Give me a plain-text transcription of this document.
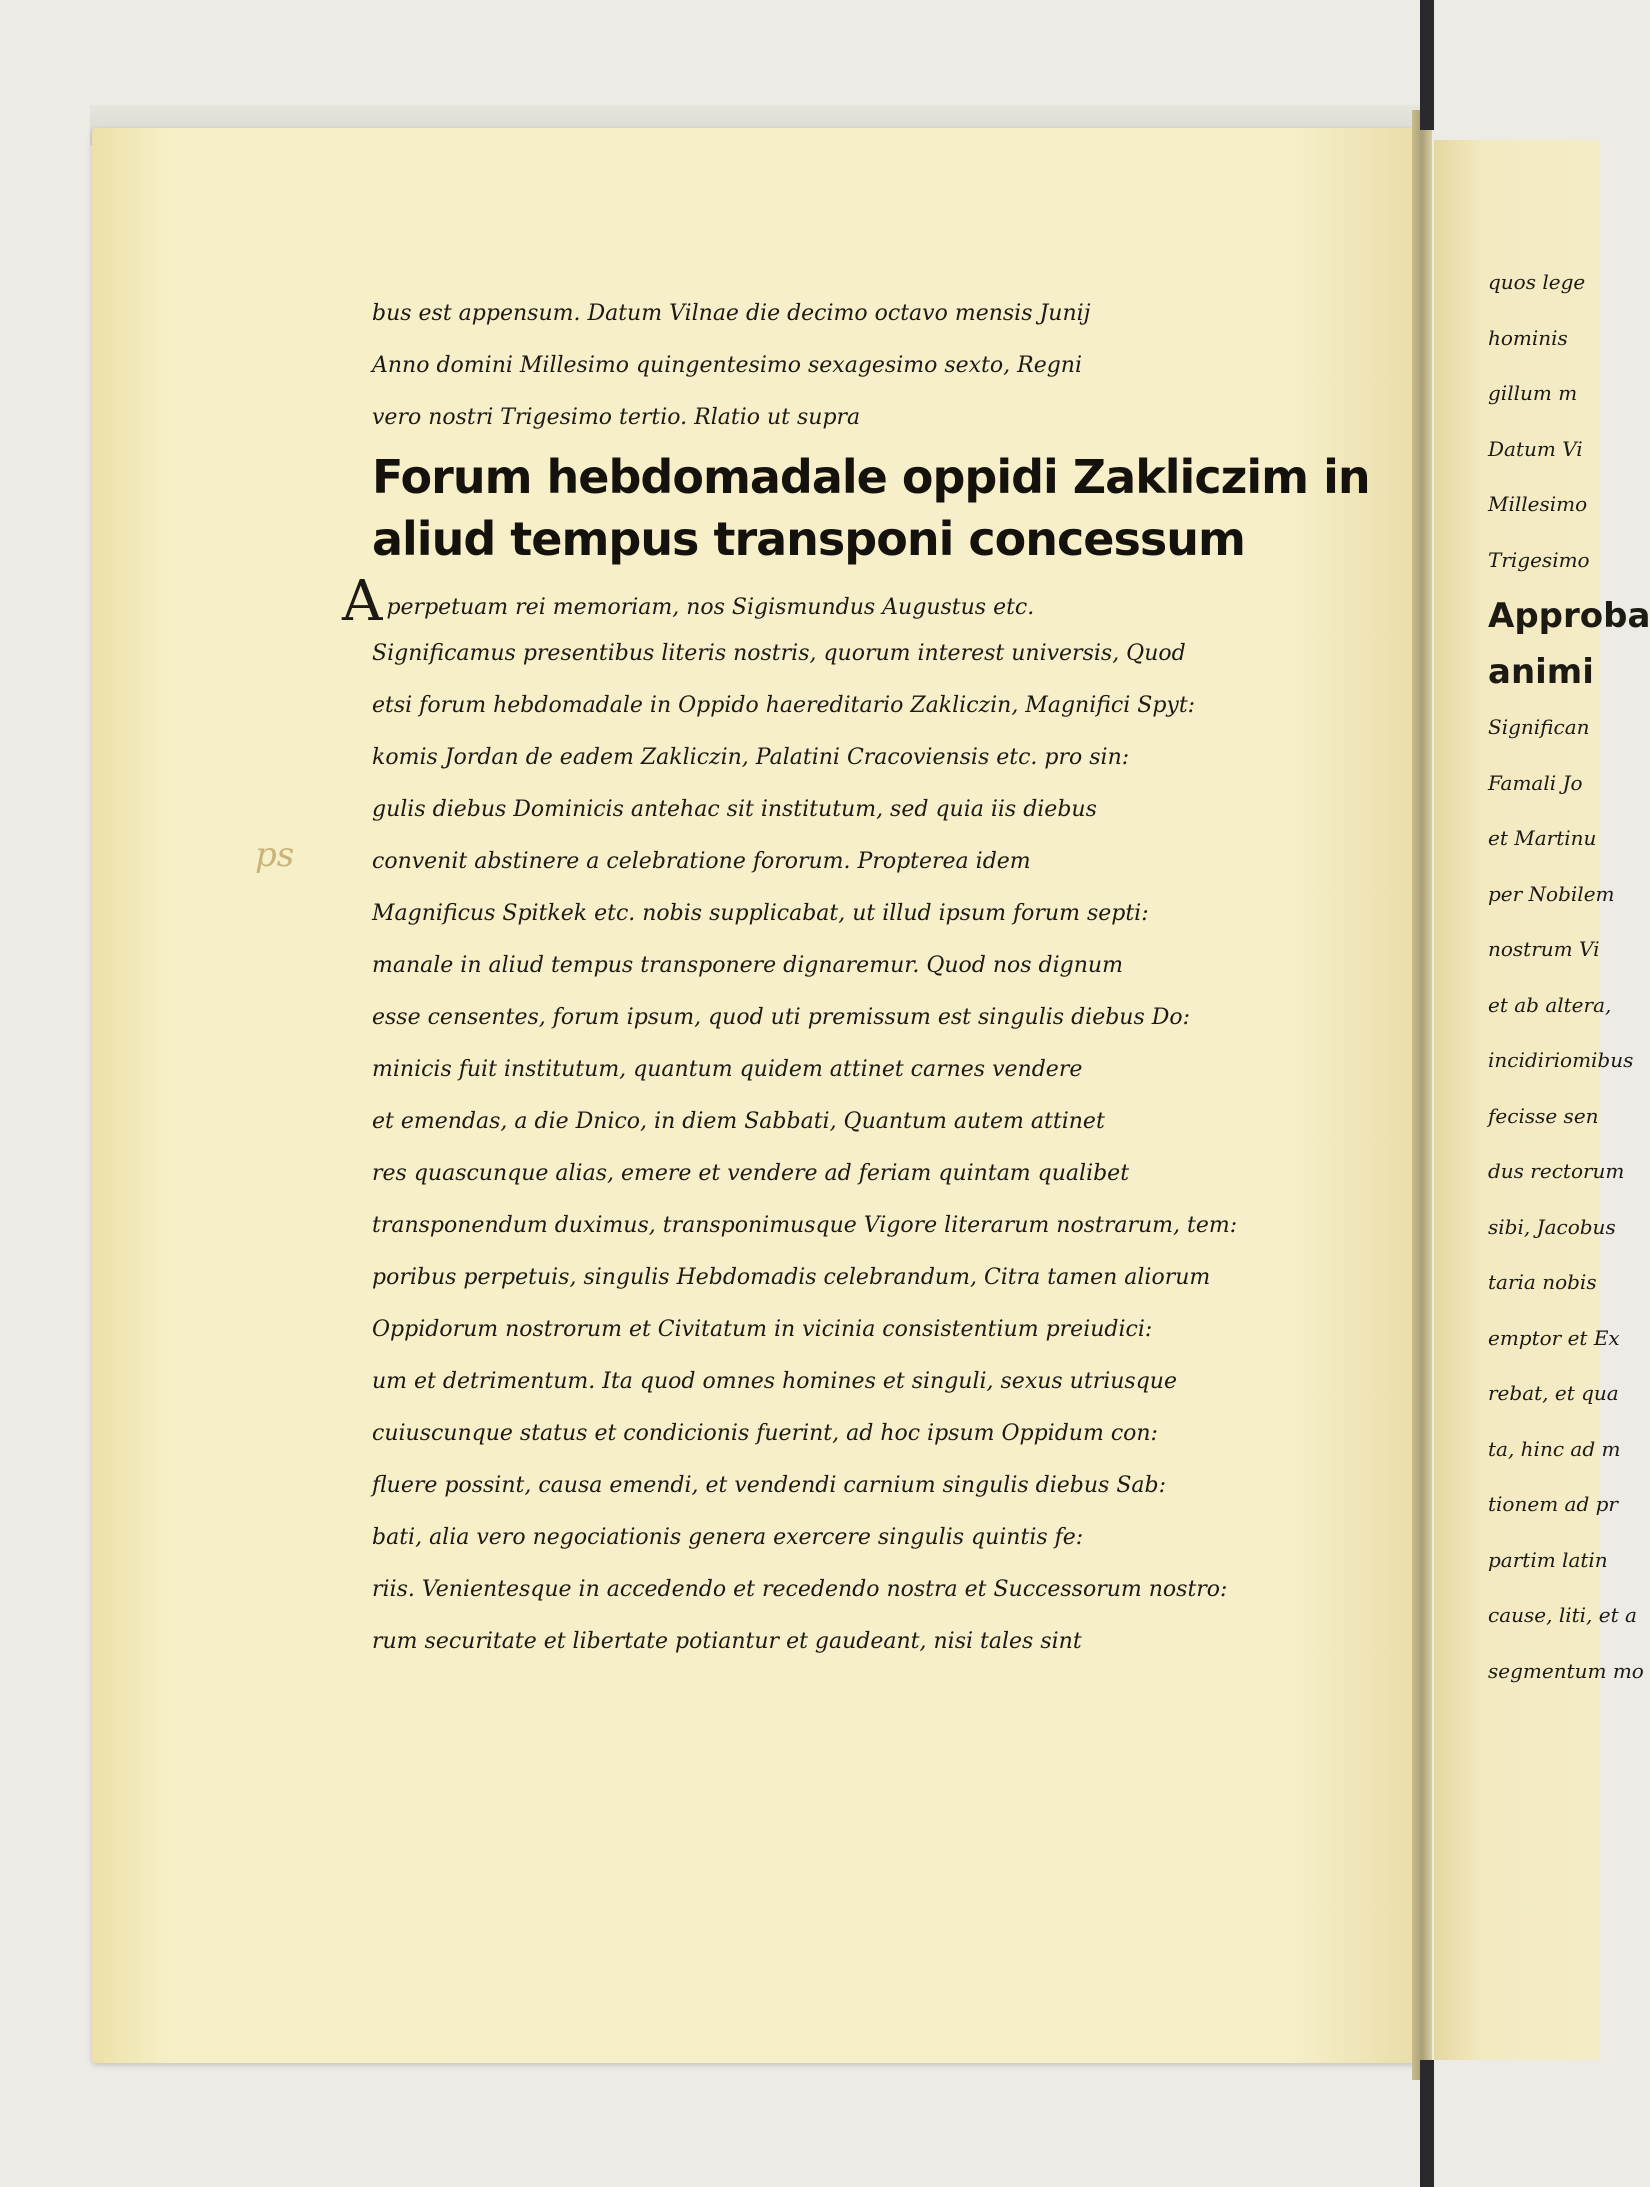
ps
bus est appensum. Datum Vilnae die decimo octavo mensis Junij
Anno domini Millesimo quingentesimo sexagesimo sexto, Regni
vero nostri Trigesimo tertio. Rlatio ut supra
Forum hebdomadale oppidi Zakliczim in
aliud tempus transponi concessum
Aperpetuam rei memoriam, nos Sigismundus Augustus etc.
Significamus presentibus literis nostris, quorum interest universis, Quod
etsi forum hebdomadale in Oppido haereditario Zakliczin, Magnifici Spyt:
komis Jordan de eadem Zakliczin, Palatini Cracoviensis etc. pro sin:
gulis diebus Dominicis antehac sit institutum, sed quia iis diebus
convenit abstinere a celebratione fororum. Propterea idem
Magnificus Spitkek etc. nobis supplicabat, ut illud ipsum forum septi:
manale in aliud tempus transponere dignaremur. Quod nos dignum
esse censentes, forum ipsum, quod uti premissum est singulis diebus Do:
minicis fuit institutum, quantum quidem attinet carnes vendere
et emendas, a die Dnico, in diem Sabbati, Quantum autem attinet
res quascunque alias, emere et vendere ad feriam quintam qualibet
transponendum duximus, transponimusque Vigore literarum nostrarum, tem:
poribus perpetuis, singulis Hebdomadis celebrandum, Citra tamen aliorum
Oppidorum nostrorum et Civitatum in vicinia consistentium preiudici:
um et detrimentum. Ita quod omnes homines et singuli, sexus utriusque
cuiuscunque status et condicionis fuerint, ad hoc ipsum Oppidum con:
fluere possint, causa emendi, et vendendi carnium singulis diebus Sab:
bati, alia vero negociationis genera exercere singulis quintis fe:
riis. Venientesque in accedendo et recedendo nostra et Successorum nostro:
rum securitate et libertate potiantur et gaudeant, nisi tales sint
quos lege
hominis
gillum m
Datum Vi
Millesimo
Trigesimo
Approba
animi
Significan
Famali Jo
et Martinu
per Nobilem
nostrum Vi
et ab altera,
incidiriomibus
fecisse sen
dus rectorum
sibi, Jacobus
taria nobis
emptor et Ex
rebat, et qua
ta, hinc ad m
tionem ad pr
partim latin
cause, liti, et a
segmentum mo
